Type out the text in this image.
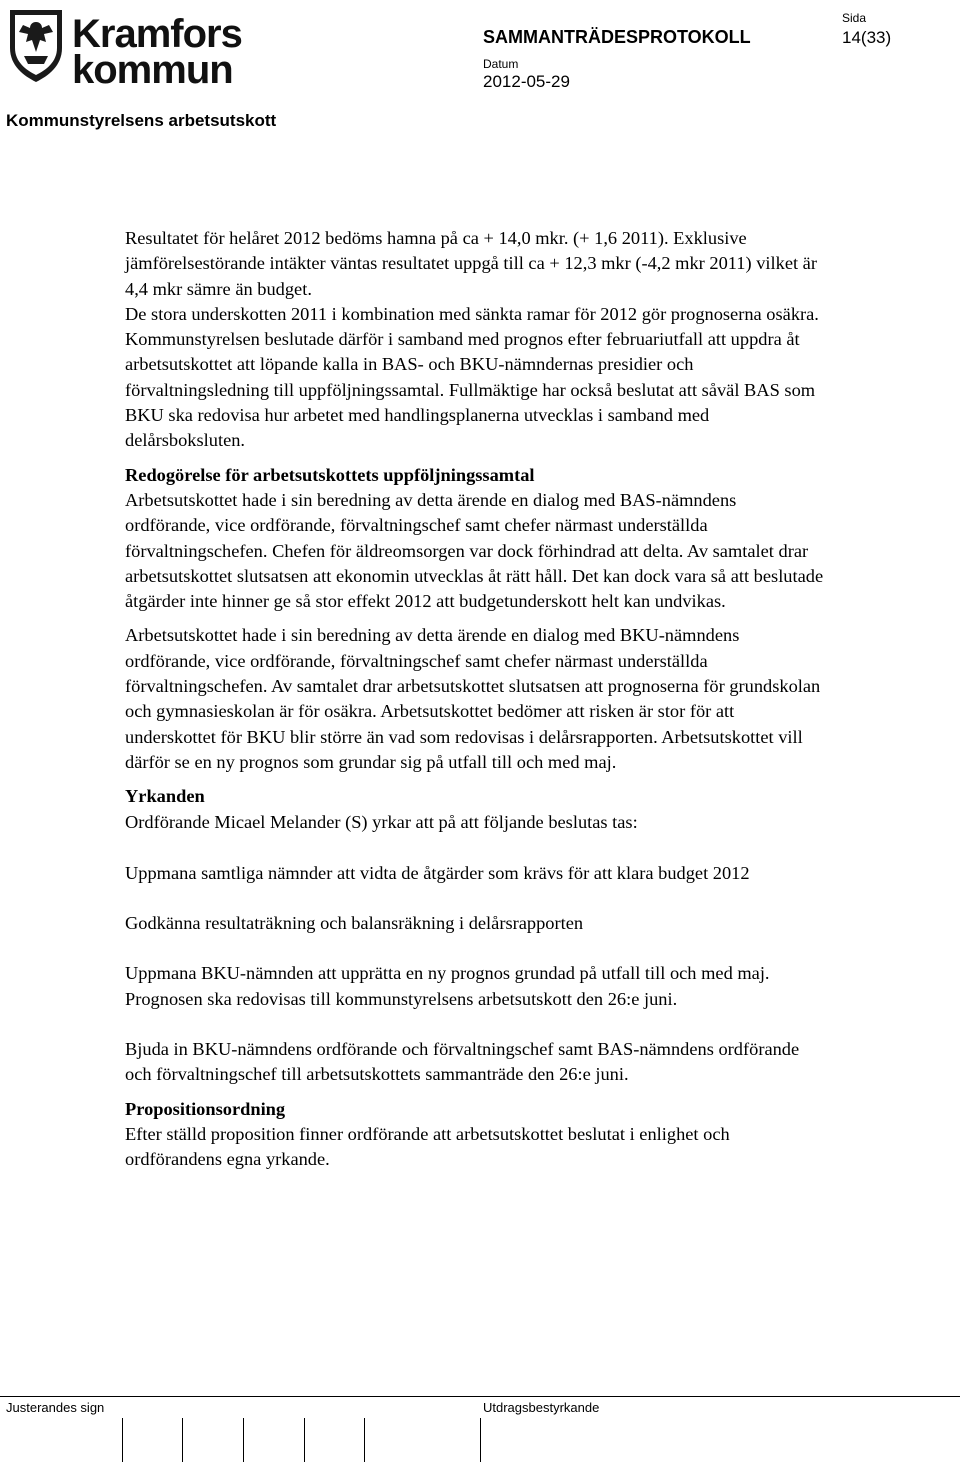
Kramfors
kommun
Kommunstyrelsens arbetsutskott
SAMMANTRÄDESPROTOKOLL
Datum
2012-05-29
Sida
14(33)

Resultatet för helåret 2012 bedöms hamna på ca + 14,0 mkr. (+ 1,6 2011). Exklusive jämförelsestörande intäkter väntas resultatet uppgå till ca + 12,3 mkr (-4,2 mkr 2011) vilket är 4,4 mkr sämre än budget.

De stora underskotten 2011 i kombination med sänkta ramar för 2012 gör prognoserna osäkra. Kommunstyrelsen beslutade därför i samband med prognos efter februariutfall att uppdra åt arbetsutskottet att löpande kalla in BAS- och BKU-nämndernas presidier och förvaltningsledning till uppföljningssamtal. Fullmäktige har också beslutat att såväl BAS som BKU ska redovisa hur arbetet med handlingsplanerna utvecklas i samband med delårsboksluten.

Redogörelse för arbetsutskottets uppföljningssamtal

Arbetsutskottet hade i sin beredning av detta ärende en dialog med BAS-nämndens ordförande, vice ordförande, förvaltningschef samt chefer närmast underställda förvaltningschefen. Chefen för äldreomsorgen var dock förhindrad att delta. Av samtalet drar arbetsutskottet slutsatsen att ekonomin utvecklas åt rätt håll. Det kan dock vara så att beslutade åtgärder inte hinner ge så stor effekt 2012 att budgetunderskott helt kan undvikas.

Arbetsutskottet hade i sin beredning av detta ärende en dialog med BKU-nämndens ordförande, vice ordförande, förvaltningschef samt chefer närmast underställda förvaltningschefen. Av samtalet drar arbetsutskottet slutsatsen att prognoserna för grundskolan och gymnasieskolan är för osäkra. Arbetsutskottet bedömer att risken är stor för att underskottet för BKU blir större än vad som redovisas i delårsrapporten. Arbetsutskottet vill därför se en ny prognos som grundar sig på utfall till och med maj.

Yrkanden

Ordförande Micael Melander (S) yrkar att på att följande beslutas tas:

Uppmana samtliga nämnder att vidta de åtgärder som krävs för att klara budget 2012

Godkänna resultaträkning och balansräkning i delårsrapporten

Uppmana BKU-nämnden att upprätta en ny prognos grundad på utfall till och med maj. Prognosen ska redovisas till kommunstyrelsens arbetsutskott den 26:e juni.

Bjuda in BKU-nämndens ordförande och förvaltningschef samt BAS-nämndens ordförande och förvaltningschef till arbetsutskottets sammanträde den 26:e juni.

Propositionsordning

Efter ställd proposition finner ordförande att arbetsutskottet beslutat i enlighet och ordförandens egna yrkande.

Justerandes sign	Utdragsbestyrkande
